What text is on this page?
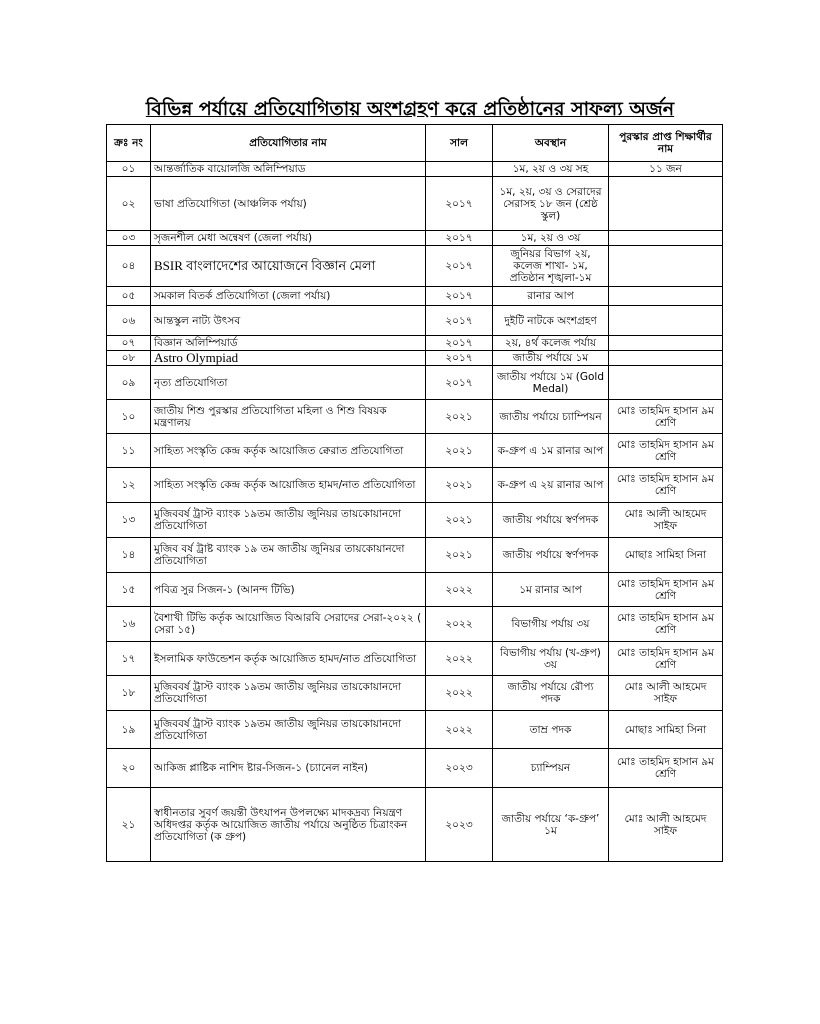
বিভিন্ন পর্যায়ে প্রতিযোগিতায় অংশগ্রহণ করে প্রতিষ্ঠানের সাফল্য অর্জন
ক্রঃ নং	প্রতিযোগিতার নাম	সাল	অবস্থান	পুরস্কার প্রাপ্ত শিক্ষার্থীর নাম
০১	আন্তর্জাতিক বায়োলজি অলিম্পিয়াড		১ম, ২য় ও ৩য় সহ	১১ জন
০২	ভাষা প্রতিযোগিতা (আঞ্চলিক পর্যায়)	২০১৭	১ম, ২য়, ৩য় ও সেরাদের সেরাসহ ১৮ জন (শ্রেষ্ঠ স্কুল)	
০৩	সৃজনশীল মেধা অন্বেষণ (জেলা পর্যায়)	২০১৭	১ম, ২য় ও ৩য়	
০৪	BSIR বাংলাদেশের আয়োজনে বিজ্ঞান মেলা	২০১৭	জুনিয়র বিভাগ ২য়, কলেজ শাখা- ১ম, প্রতিষ্ঠান শৃঙ্খলা-১ম	
০৫	সমকাল বিতর্ক প্রতিযোগিতা (জেলা পর্যায়)	২০১৭	রানার আপ	
০৬	আন্তস্কুল নাট্য উৎসব	২০১৭	দুইটি নাটকে অংশগ্রহণ	
০৭	বিজ্ঞান অলিম্পিয়ার্ড	২০১৭	২য়, ৪র্থ কলেজ পর্যায়	
০৮	Astro Olympiad	২০১৭	জাতীয় পর্যায়ে ১ম	
০৯	নৃত্য প্রতিযোগিতা	২০১৭	জাতীয় পর্যায়ে ১ম (Gold Medal)	
১০	জাতীয় শিশু পুরস্কার প্রতিযোগিতা মহিলা ও শিশু বিষয়ক মন্ত্রণালয়	২০২১	জাতীয় পর্যায়ে চ্যাম্পিয়ন	মোঃ তাহমিদ হাসান ৯ম শ্রেণি
১১	সাহিত্য সংস্কৃতি কেন্দ্র কর্তৃক আয়োজিত ক্বেরাত প্রতিযোগিতা	২০২১	ক-গ্রুপ এ ১ম রানার আপ	মোঃ তাহমিদ হাসান ৯ম শ্রেণি
১২	সাহিত্য সংস্কৃতি কেন্দ্র কর্তৃক আয়োজিত হামদ/নাত প্রতিযোগিতা	২০২১	ক-গ্রুপ এ ২য় রানার আপ	মোঃ তাহমিদ হাসান ৯ম শ্রেণি
১৩	মুজিববর্ষ ট্রাস্ট ব্যাংক ১৯তম জাতীয় জুনিয়র তায়কোয়ানদো প্রতিযোগিতা	২০২১	জাতীয় পর্যায়ে স্বর্ণপদক	মোঃ আলী আহমেদ সাইফ
১৪	মুজিব বর্ষ ট্রাষ্ট ব্যাংক ১৯ তম জাতীয় জুনিয়র তায়কোয়ানদো প্রতিযোগিতা	২০২১	জাতীয় পর্যায়ে স্বর্ণপদক	মোছাঃ সামিহা সিনা
১৫	পবিত্র সুর সিজন-১ (আনন্দ টিভি)	২০২২	১ম রানার আপ	মোঃ তাহমিদ হাসান ৯ম শ্রেণি
১৬	বৈশাখী টিভি কর্তৃক আয়োজিত বিআরবি সেরাদের সেরা-২০২২ ( সেরা ১৫)	২০২২	বিভাগীয় পর্যায় ৩য়	মোঃ তাহমিদ হাসান ৯ম শ্রেণি
১৭	ইসলামিক ফাউন্ডেশন কর্তৃক আয়োজিত হামদ/নাত প্রতিযোগিতা	২০২২	বিভাগীয় পর্যায় (খ-গ্রুপ) ৩য়	মোঃ তাহমিদ হাসান ৯ম শ্রেণি
১৮	মুজিববর্ষ ট্রাস্ট ব্যাংক ১৯তম জাতীয় জুনিয়র তায়কোয়ানদো প্রতিযোগিতা	২০২২	জাতীয় পর্যায়ে রৌপ্য পদক	মোঃ আলী আহমেদ সাইফ
১৯	মুজিববর্ষ ট্রাস্ট ব্যাংক ১৯তম জাতীয় জুনিয়র তায়কোয়ানদো প্রতিযোগিতা	২০২২	তাম্র পদক	মোছাঃ সামিহা সিনা
২০	আকিজ প্লাষ্টিক নাশিদ ষ্টার-সিজন-১ (চ্যানেল নাইন)	২০২৩	চ্যাম্পিয়ন	মোঃ তাহমিদ হাসান ৯ম শ্রেণি
২১	স্বাধীনতার সুবর্ণ জয়ন্তী উৎযাপন উপলক্ষ্যে মাদকদ্রব্য নিয়ন্ত্রণ অধিদপ্তর কর্তৃক আয়োজিত জাতীয় পর্যায়ে অনুষ্ঠিত চিত্রাংকন প্রতিযোগিতা (ক গ্রুপ)	২০২৩	জাতীয় পর্যায়ে ‘ক-গ্রুপ’ ১ম	মোঃ আলী আহমেদ সাইফ
